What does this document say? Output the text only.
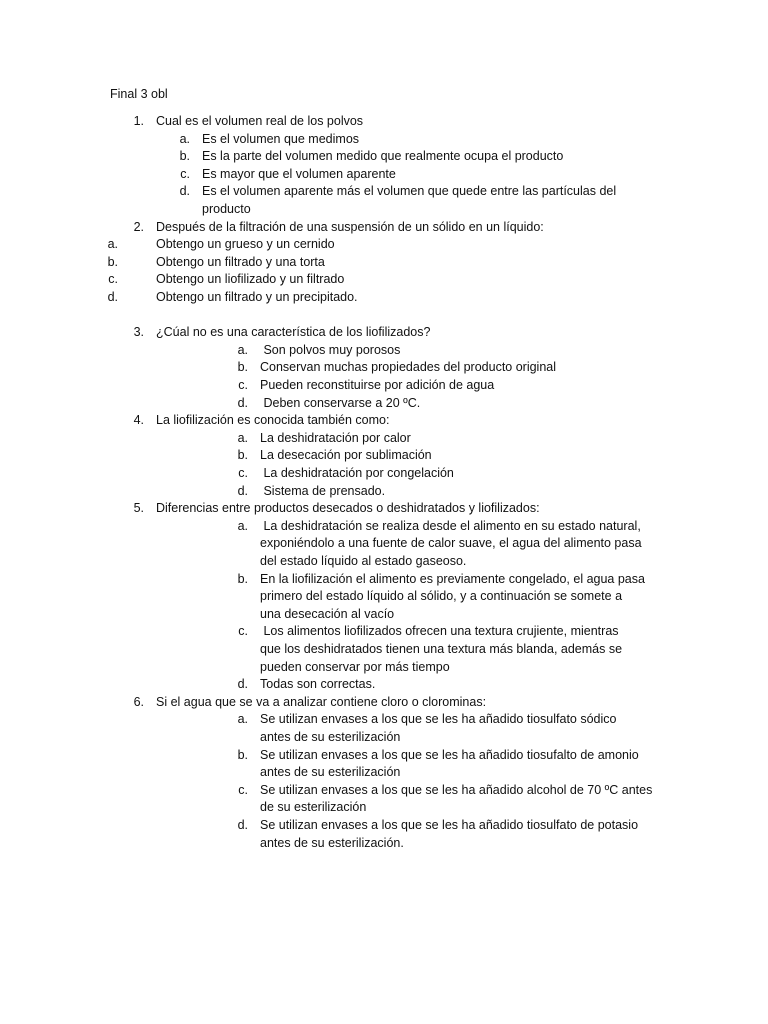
Final 3 obl
1. Cual es el volumen real de los polvos
a. Es el volumen que medimos
b. Es la parte del volumen medido que realmente ocupa el producto
c. Es mayor que el volumen aparente
d. Es el volumen aparente más el volumen que quede entre las partículas del
producto
2. Después de la filtración de una suspensión de un sólido en un líquido:
a.	Obtengo un grueso y un cernido
b.	Obtengo un filtrado y una torta
c.	Obtengo un liofilizado y un filtrado
d.	Obtengo un filtrado y un precipitado.
3. ¿Cúal no es una característica de los liofilizados?
a. Son polvos muy porosos
b. Conservan muchas propiedades del producto original
c. Pueden reconstituirse por adición de agua
d. Deben conservarse a 20 ºC.
4. La liofilización es conocida también como:
a. La deshidratación por calor
b. La desecación por sublimación
c. La deshidratación por congelación
d. Sistema de prensado.
5. Diferencias entre productos desecados o deshidratados y liofilizados:
a. La deshidratación se realiza desde el alimento en su estado natural,
exponiéndolo a una fuente de calor suave, el agua del alimento pasa
del estado líquido al estado gaseoso.
b. En la liofilización el alimento es previamente congelado, el agua pasa
primero del estado líquido al sólido, y a continuación se somete a
una desecación al vacío
c. Los alimentos liofilizados ofrecen una textura crujiente, mientras
que los deshidratados tienen una textura más blanda, además se
pueden conservar por más tiempo
d. Todas son correctas.
6. Si el agua que se va a analizar contiene cloro o clorominas:
a. Se utilizan envases a los que se les ha añadido tiosulfato sódico
antes de su esterilización
b. Se utilizan envases a los que se les ha añadido tiosufalto de amonio
antes de su esterilización
c. Se utilizan envases a los que se les ha añadido alcohol de 70 ºC antes
de su esterilización
d. Se utilizan envases a los que se les ha añadido tiosulfato de potasio
antes de su esterilización.
